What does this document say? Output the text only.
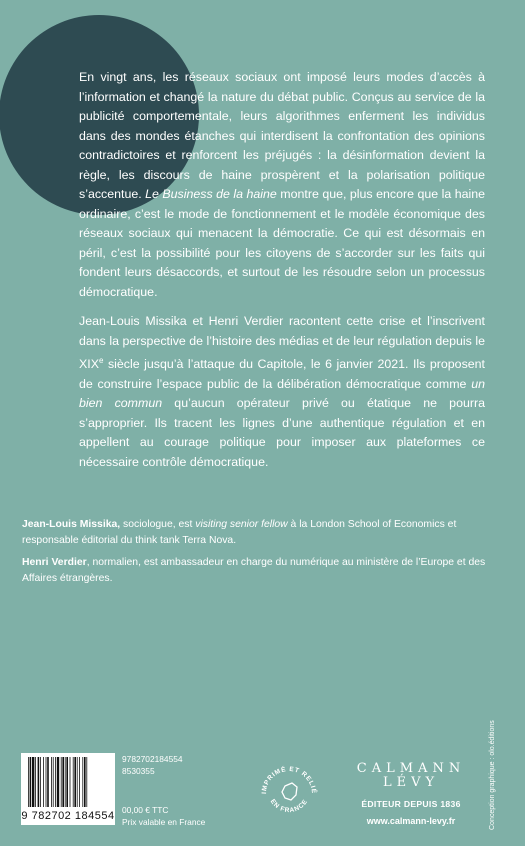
En vingt ans, les réseaux sociaux ont imposé leurs modes d’accès à l’information et changé la nature du débat public. Conçus au service de la publicité comportementale, leurs algorithmes enferment les individus dans des mondes étanches qui interdisent la confrontation des opinions contradictoires et renforcent les préjugés : la désinformation devient la règle, les discours de haine prospèrent et la polarisation politique s’accentue. Le Business de la haine montre que, plus encore que la haine ordinaire, c’est le mode de fonctionnement et le modèle économique des réseaux sociaux qui menacent la démocratie. Ce qui est désormais en péril, c’est la possibilité pour les citoyens de s’accorder sur les faits qui fondent leurs désaccords, et surtout de les résoudre selon un processus démocratique.

Jean-Louis Missika et Henri Verdier racontent cette crise et l’inscrivent dans la perspective de l’histoire des médias et de leur régulation depuis le XIXe siècle jusqu’à l’attaque du Capitole, le 6 janvier 2021. Ils proposent de construire l’espace public de la délibération démocratique comme un bien commun qu’aucun opérateur privé ou étatique ne pourra s’approprier. Ils tracent les lignes d’une authentique régulation et en appellent au courage politique pour imposer aux plateformes ce nécessaire contrôle démocratique.

Jean-Louis Missika, sociologue, est visiting senior fellow à la London School of Economics et responsable éditorial du think tank Terra Nova.

Henri Verdier, normalien, est ambassadeur en charge du numérique au ministère de l’Europe et des Affaires étrangères.

9 782702 184554
9782702184554
8530355
00,00 € TTC
Prix valable en France
IMPRIMÉ ET RELIÉ
EN FRANCE
CALMANN
LÉVY
ÉDITEUR DEPUIS 1836
www.calmann-levy.fr	Conception graphique : olo.éditions
